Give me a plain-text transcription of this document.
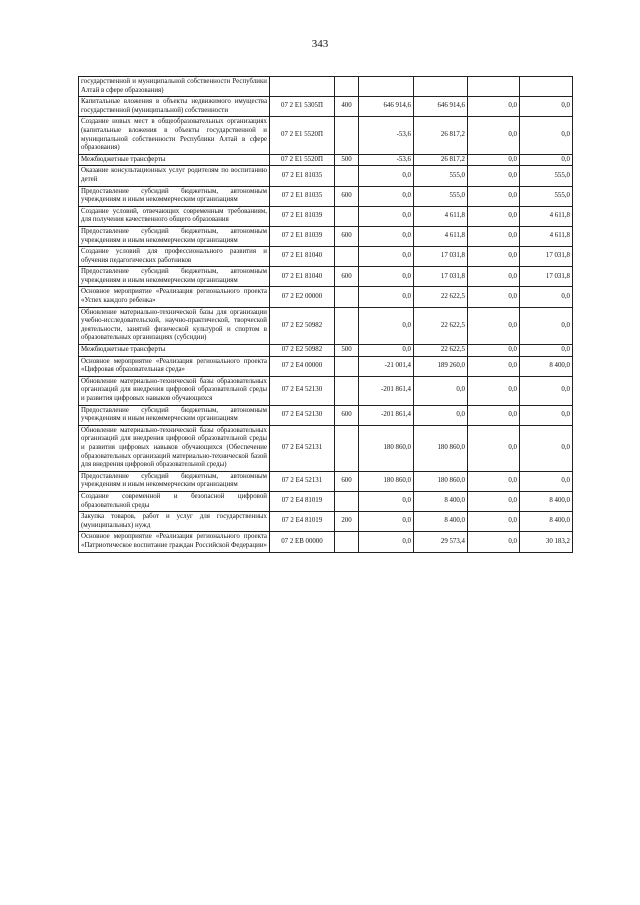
343
государственной и муниципальной собственности Республики Алтай в сфере образования)						
Капитальные вложения в объекты недвижимого имущества государственной (муниципальной) собственности	07 2 E1 5305П	400	646 914,6	646 914,6	0,0	0,0
Создание новых мест в общеобразовательных организациях (капитальные вложения в объекты государственной и муниципальной собственности Республики Алтай в сфере образования)	07 2 E1 5520П		-53,6	26 817,2	0,0	0,0
Межбюджетные трансферты	07 2 E1 5520П	500	-53,6	26 817,2	0,0	0,0
Оказание консультационных услуг родителям по воспитанию детей	07 2 E1 81035		0,0	555,0	0,0	555,0
Предоставление субсидий бюджетным, автономным учреждениям и иным некоммерческим организациям	07 2 E1 81035	600	0,0	555,0	0,0	555,0
Создание условий, отвечающих современным требованиям, для получения качественного общего образования	07 2 E1 81039		0,0	4 611,8	0,0	4 611,8
Предоставление субсидий бюджетным, автономным учреждениям и иным некоммерческим организациям	07 2 E1 81039	600	0,0	4 611,8	0,0	4 611,8
Создание условий для профессионального развития и обучения педагогических работников	07 2 E1 81040		0,0	17 031,8	0,0	17 031,8
Предоставление субсидий бюджетным, автономным учреждениям и иным некоммерческим организациям	07 2 E1 81040	600	0,0	17 031,8	0,0	17 031,8
Основное мероприятие «Реализация регионального проекта «Успех каждого ребенка»	07 2 E2 00000		0,0	22 622,5	0,0	0,0
Обновление материально-технической базы для организации учебно-исследовательской, научно-практической, творческой деятельности, занятий физической культурой и спортом в образовательных организациях (субсидии)	07 2 E2 50982		0,0	22 622,5	0,0	0,0
Межбюджетные трансферты	07 2 E2 50982	500	0,0	22 622,5	0,0	0,0
Основное мероприятие «Реализация регионального проекта «Цифровая образовательная среда»	07 2 E4 00000		-21 001,4	189 260,0	0,0	8 400,0
Обновление материально-технической базы образовательных организаций для внедрения цифровой образовательной среды и развития цифровых навыков обучающихся	07 2 E4 52130		-201 861,4	0,0	0,0	0,0
Предоставление субсидий бюджетным, автономным учреждениям и иным некоммерческим организациям	07 2 E4 52130	600	-201 861,4	0,0	0,0	0,0
Обновление материально-технической базы образовательных организаций для внедрения цифровой образовательной среды и развития цифровых навыков обучающихся (Обеспечение образовательных организаций материально-технической базой для внедрения цифровой образовательной среды)	07 2 E4 52131		180 860,0	180 860,0	0,0	0,0
Предоставление субсидий бюджетным, автономным учреждениям и иным некоммерческим организациям	07 2 E4 52131	600	180 860,0	180 860,0	0,0	0,0
Создание современной и безопасной цифровой образовательной среды	07 2 E4 81019		0,0	8 400,0	0,0	8 400,0
Закупка товаров, работ и услуг для государственных (муниципальных) нужд	07 2 E4 81019	200	0,0	8 400,0	0,0	8 400,0
Основное мероприятие «Реализация регионального проекта «Патриотическое воспитание граждан Российской Федерации»	07 2 EВ 00000		0,0	29 573,4	0,0	30 183,2
